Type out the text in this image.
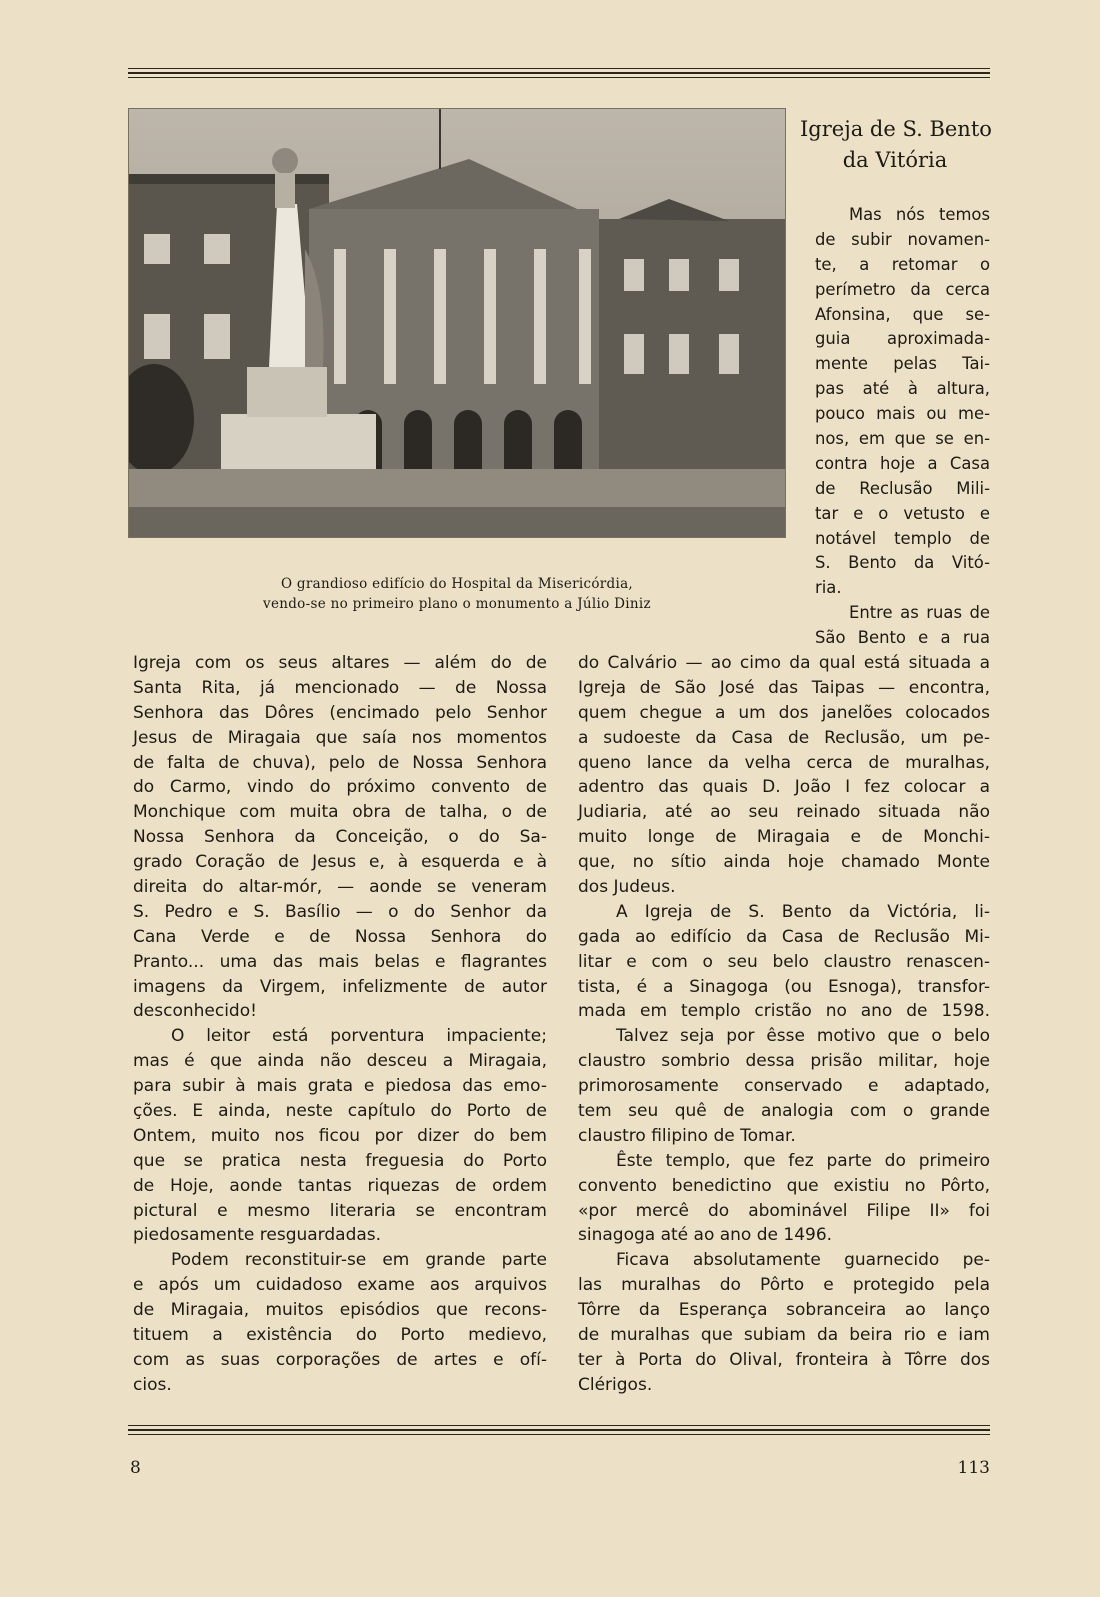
O grandioso edifício do Hospital da Misericórdia,
vendo-se no primeiro plano o monumento a Júlio Diniz
Igreja de S. Bento
da Vitória
Mas nós temos
de subir novamen-
te, a retomar o
perímetro da cerca
Afonsina, que se-
guia aproximada-
mente pelas Tai-
pas até à altura,
pouco mais ou me-
nos, em que se en-
contra hoje a Casa
de Reclusão Mili-
tar e o vetusto e
notável templo de
S. Bento da Vitó-
ria.
Entre as ruas de
São Bento e a rua
Igreja com os seus altares — além do de
Santa Rita, já mencionado — de Nossa
Senhora das Dôres (encimado pelo Senhor
Jesus de Miragaia que saía nos momentos
de falta de chuva), pelo de Nossa Senhora
do Carmo, vindo do próximo convento de
Monchique com muita obra de talha, o de
Nossa Senhora da Conceição, o do Sa-
grado Coração de Jesus e, à esquerda e à
direita do altar-mór, — aonde se veneram
S. Pedro e S. Basílio — o do Senhor da
Cana Verde e de Nossa Senhora do
Pranto... uma das mais belas e flagrantes
imagens da Virgem, infelizmente de autor
desconhecido!
O leitor está porventura impaciente;
mas é que ainda não desceu a Miragaia,
para subir à mais grata e piedosa das emo-
ções. E ainda, neste capítulo do Porto de
Ontem, muito nos ficou por dizer do bem
que se pratica nesta freguesia do Porto
de Hoje, aonde tantas riquezas de ordem
pictural e mesmo literaria se encontram
piedosamente resguardadas.
Podem reconstituir-se em grande parte
e após um cuidadoso exame aos arquivos
de Miragaia, muitos episódios que recons-
tituem a existência do Porto medievo,
com as suas corporações de artes e ofí-
cios.
do Calvário — ao cimo da qual está situada a
Igreja de São José das Taipas — encontra,
quem chegue a um dos janelões colocados
a sudoeste da Casa de Reclusão, um pe-
queno lance da velha cerca de muralhas,
adentro das quais D. João I fez colocar a
Judiaria, até ao seu reinado situada não
muito longe de Miragaia e de Monchi-
que, no sítio ainda hoje chamado Monte
dos Judeus.
A Igreja de S. Bento da Victória, li-
gada ao edifício da Casa de Reclusão Mi-
litar e com o seu belo claustro renascen-
tista, é a Sinagoga (ou Esnoga), transfor-
mada em templo cristão no ano de 1598.
Talvez seja por êsse motivo que o belo
claustro sombrio dessa prisão militar, hoje
primorosamente conservado e adaptado,
tem seu quê de analogia com o grande
claustro filipino de Tomar.
Êste templo, que fez parte do primeiro
convento benedictino que existiu no Pôrto,
«por mercê do abominável Filipe II» foi
sinagoga até ao ano de 1496.
Ficava absolutamente guarnecido pe-
las muralhas do Pôrto e protegido pela
Tôrre da Esperança sobranceira ao lanço
de muralhas que subiam da beira rio e iam
ter à Porta do Olival, fronteira à Tôrre dos
Clérigos.
8	113
